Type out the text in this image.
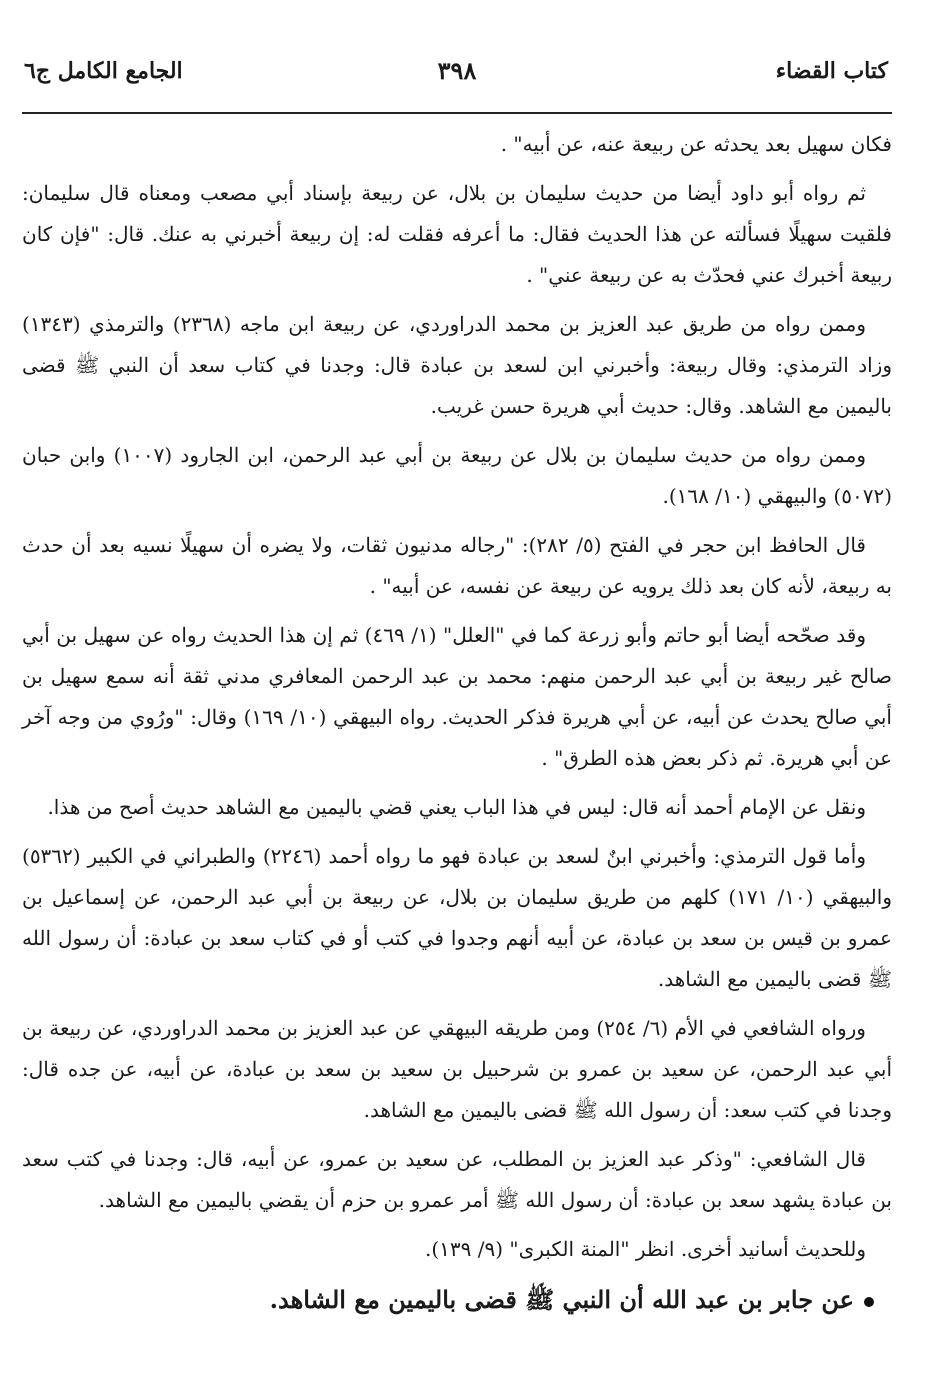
كتاب القضاء
٣٩٨
الجامع الكامل ج٦

فكان سهيل بعد يحدثه عن ربيعة عنه، عن أبيه" .

ثم رواه أبو داود أيضا من حديث سليمان بن بلال، عن ربيعة بإسناد أبي مصعب ومعناه قال سليمان: فلقيت سهيلًا فسألته عن هذا الحديث فقال: ما أعرفه فقلت له: إن ربيعة أخبرني به عنك. قال: "فإن كان ربيعة أخبرك عني فحدّث به عن ربيعة عني" .

وممن رواه من طريق عبد العزيز بن محمد الدراوردي، عن ربيعة ابن ماجه (٢٣٦٨) والترمذي (١٣٤٣) وزاد الترمذي: وقال ربيعة: وأخبرني ابن لسعد بن عبادة قال: وجدنا في كتاب سعد أن النبي ﷺ قضى باليمين مع الشاهد. وقال: حديث أبي هريرة حسن غريب.

وممن رواه من حديث سليمان بن بلال عن ربيعة بن أبي عبد الرحمن، ابن الجارود (١٠٠٧) وابن حبان (٥٠٧٢) والبيهقي (١٠/ ١٦٨).

قال الحافظ ابن حجر في الفتح (٥/ ٢٨٢): "رجاله مدنيون ثقات، ولا يضره أن سهيلًا نسيه بعد أن حدث به ربيعة، لأنه كان بعد ذلك يرويه عن ربيعة عن نفسه، عن أبيه" .

وقد صحّحه أيضا أبو حاتم وأبو زرعة كما في "العلل" (١/ ٤٦٩) ثم إن هذا الحديث رواه عن سهيل بن أبي صالح غير ربيعة بن أبي عبد الرحمن منهم: محمد بن عبد الرحمن المعافري مدني ثقة أنه سمع سهيل بن أبي صالح يحدث عن أبيه، عن أبي هريرة فذكر الحديث. رواه البيهقي (١٠/ ١٦٩) وقال: "ورُوي من وجه آخر عن أبي هريرة. ثم ذكر بعض هذه الطرق" .

ونقل عن الإمام أحمد أنه قال: ليس في هذا الباب يعني قضي باليمين مع الشاهد حديث أصح من هذا.

وأما قول الترمذي: وأخبرني ابنٌ لسعد بن عبادة فهو ما رواه أحمد (٢٢٤٦) والطبراني في الكبير (٥٣٦٢) والبيهقي (١٠/ ١٧١) كلهم من طريق سليمان بن بلال، عن ربيعة بن أبي عبد الرحمن، عن إسماعيل بن عمرو بن قيس بن سعد بن عبادة، عن أبيه أنهم وجدوا في كتب أو في كتاب سعد بن عبادة: أن رسول الله ﷺ قضى باليمين مع الشاهد.

ورواه الشافعي في الأم (٦/ ٢٥٤) ومن طريقه البيهقي عن عبد العزيز بن محمد الدراوردي، عن ربيعة بن أبي عبد الرحمن، عن سعيد بن عمرو بن شرحبيل بن سعيد بن سعد بن عبادة، عن أبيه، عن جده قال: وجدنا في كتب سعد: أن رسول الله ﷺ قضى باليمين مع الشاهد.

قال الشافعي: "وذكر عبد العزيز بن المطلب، عن سعيد بن عمرو، عن أبيه، قال: وجدنا في كتب سعد بن عبادة يشهد سعد بن عبادة: أن رسول الله ﷺ أمر عمرو بن حزم أن يقضي باليمين مع الشاهد.

وللحديث أسانيد أخرى. انظر "المنة الكبرى" (٩/ ١٣٩).

عن جابر بن عبد الله أن النبي ﷺ قضى باليمين مع الشاهد.
